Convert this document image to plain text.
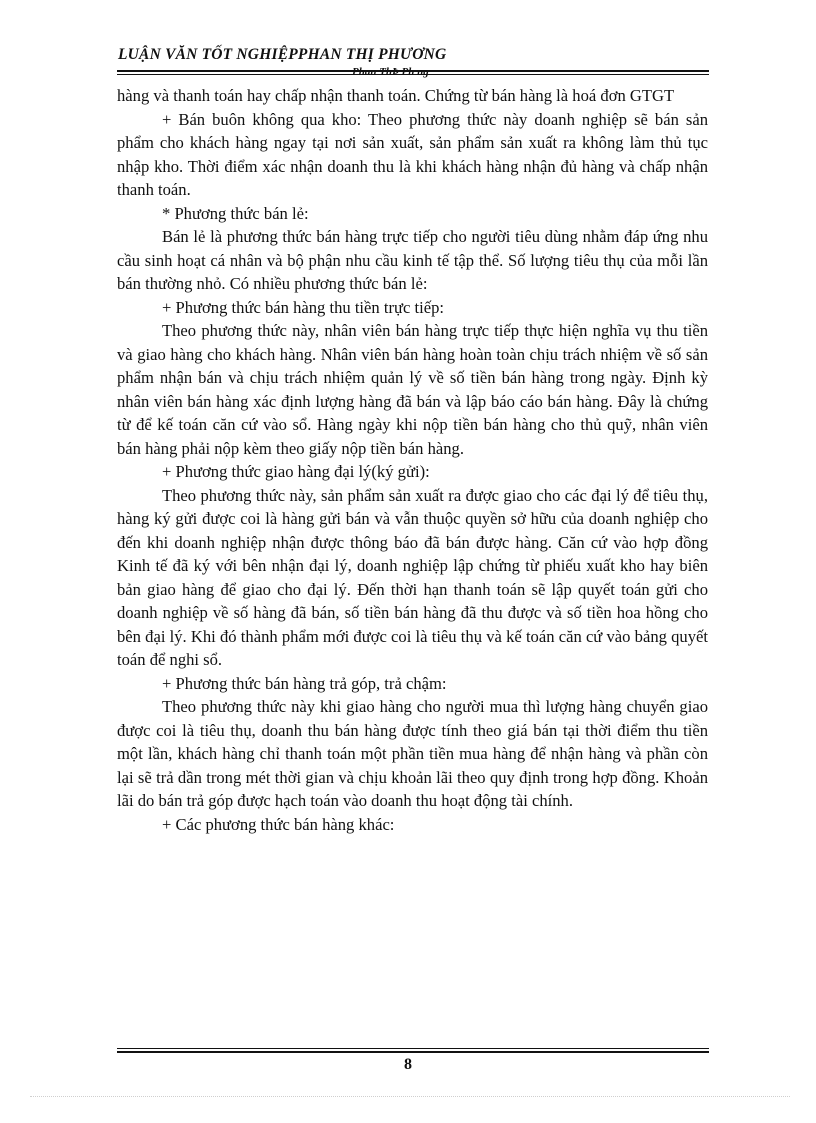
LUẬN VĂN TỐT NGHIỆPPHAN THỊ PHƯƠNG
Phan ThÞ Ph ng

hàng và thanh toán hay chấp nhận thanh toán. Chứng từ bán hàng là hoá đơn GTGT

+ Bán buôn không qua kho: Theo phương thức này doanh nghiệp sẽ bán sản phẩm cho khách hàng ngay tại nơi sản xuất, sản phẩm sản xuất ra không làm thủ tục nhập kho. Thời điểm xác nhận doanh thu là khi khách hàng nhận đủ hàng và chấp nhận thanh toán.

* Phương thức bán lẻ:

Bán lẻ là phương thức bán hàng trực tiếp cho người tiêu dùng nhằm đáp ứng nhu cầu sinh hoạt cá nhân và bộ phận nhu cầu kinh tế tập thể. Số lượng tiêu thụ của mỗi lần bán thường nhỏ. Có nhiều phương thức bán lẻ:

+ Phương thức bán hàng thu tiền trực tiếp:

Theo phương thức này, nhân viên bán hàng trực tiếp thực hiện nghĩa vụ thu tiền và giao hàng cho khách hàng. Nhân viên bán hàng hoàn toàn chịu trách nhiệm về số sản phẩm nhận bán và chịu trách nhiệm quản lý về số tiền bán hàng trong ngày. Định kỳ nhân viên bán hàng xác định lượng hàng đã bán và lập báo cáo bán hàng. Đây là chứng từ để kế toán căn cứ vào sổ. Hàng ngày khi nộp tiền bán hàng cho thủ quỹ, nhân viên bán hàng phải nộp kèm theo giấy nộp tiền bán hàng.

+ Phương thức giao hàng đại lý(ký gửi):

Theo phương thức này, sản phẩm sản xuất ra được giao cho các đại lý để tiêu thụ, hàng ký gửi được coi là hàng gửi bán và vẫn thuộc quyền sở hữu của doanh nghiệp cho đến khi doanh nghiệp nhận được thông báo đã bán được hàng. Căn cứ vào hợp đồng Kinh tế đã ký với bên nhận đại lý, doanh nghiệp lập chứng từ phiếu xuất kho hay biên bản giao hàng để giao cho đại lý. Đến thời hạn thanh toán sẽ lập quyết toán gửi cho doanh nghiệp về số hàng đã bán, số tiền bán hàng đã thu được và số tiền hoa hồng cho bên đại lý. Khi đó thành phẩm mới được coi là tiêu thụ và kế toán căn cứ vào bảng quyết toán để nghi sổ.

+ Phương thức bán hàng trả góp, trả chậm:

Theo phương thức này khi giao hàng cho người mua thì lượng hàng chuyển giao được coi là tiêu thụ, doanh thu bán hàng được tính theo giá bán tại thời điểm thu tiền một lần, khách hàng chỉ thanh toán một phần tiền mua hàng để nhận hàng và phần còn lại sẽ trả dần trong mét thời gian và chịu khoản lãi theo quy định trong hợp đồng. Khoản lãi do bán trả góp được hạch toán vào doanh thu hoạt động tài chính.

+ Các phương thức bán hàng khác:

8
